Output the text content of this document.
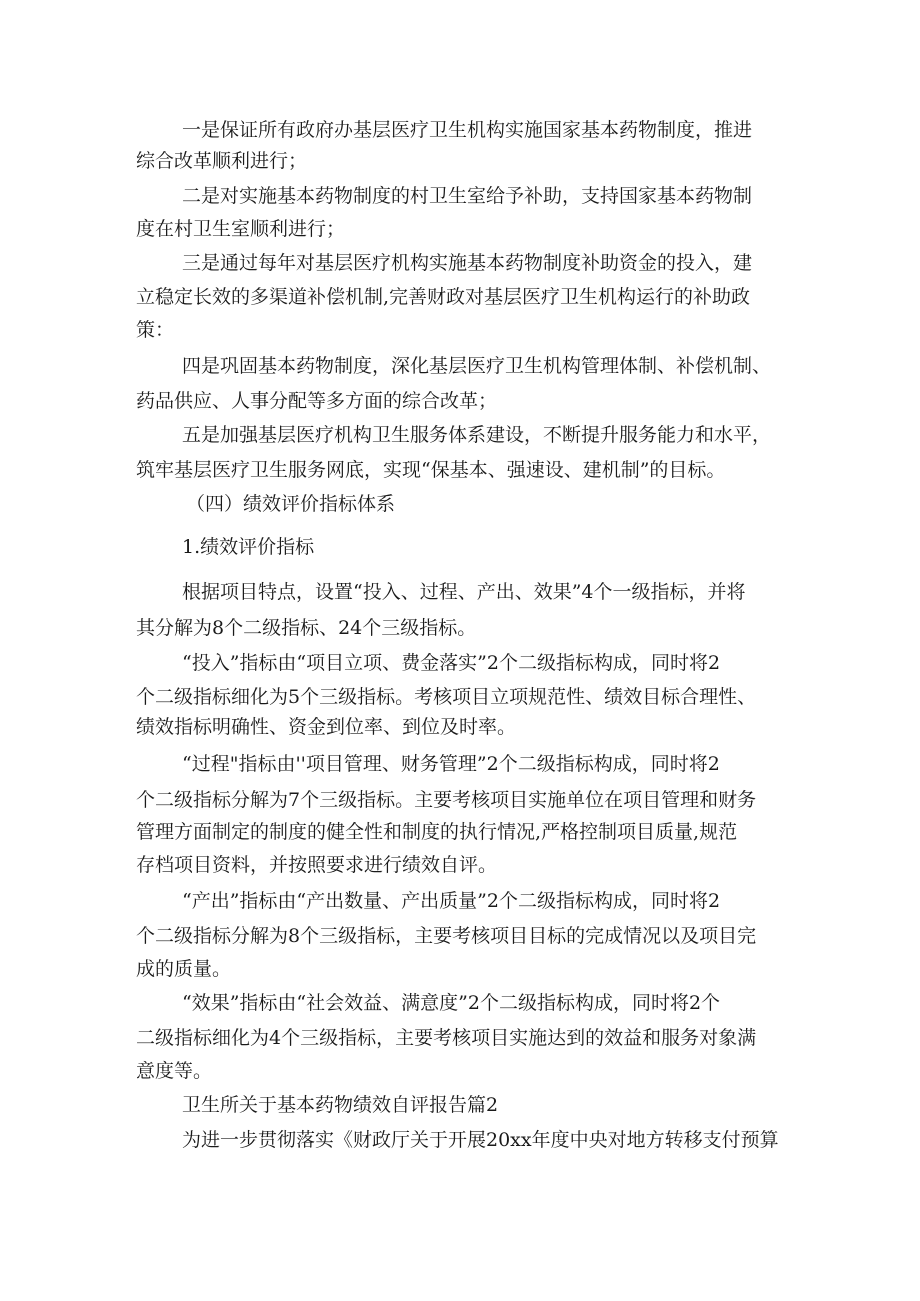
一是保证所有政府办基层医疗卫生机构实施国家基本药物制度，推进
综合改革顺利进行；
二是对实施基本药物制度的村卫生室给予补助，支持国家基本药物制
度在村卫生室顺利进行；
三是通过每年对基层医疗机构实施基本药物制度补助资金的投入，建
立稳定长效的多渠道补偿机制,完善财政对基层医疗卫生机构运行的补助政
策：
四是巩固基本药物制度，深化基层医疗卫生机构管理体制、补偿机制、
药品供应、人事分配等多方面的综合改革；
五是加强基层医疗机构卫生服务体系建设，不断提升服务能力和水平，
筑牢基层医疗卫生服务网底，实现“保基本、强速设、建机制”的目标。
（四）绩效评价指标体系
1.绩效评价指标
根据项目特点，设置“投入、过程、产出、效果”4个一级指标，并将
其分解为8个二级指标、24个三级指标。
“投入”指标由“项目立项、费金落实”2个二级指标构成，同时将2
个二级指标细化为5个三级指标。考核项目立项规范性、绩效目标合理性、
绩效指标明确性、资金到位率、到位及时率。
“过程"指标由''项目管理、财务管理”2个二级指标构成，同时将2
个二级指标分解为7个三级指标。主要考核项目实施单位在项目管理和财务
管理方面制定的制度的健全性和制度的执行情况,严格控制项目质量,规范
存档项目资料，并按照要求进行绩效自评。
“产出”指标由“产出数量、产出质量”2个二级指标构成，同时将2
个二级指标分解为8个三级指标，主要考核项目目标的完成情况以及项目完
成的质量。
“效果”指标由“社会效益、满意度”2个二级指标构成，同时将2个
二级指标细化为4个三级指标，主要考核项目实施达到的效益和服务对象满
意度等。
卫生所关于基本药物绩效自评报告篇2
为进一步贯彻落实《财政厅关于开展20xx年度中央对地方转移支付预算
